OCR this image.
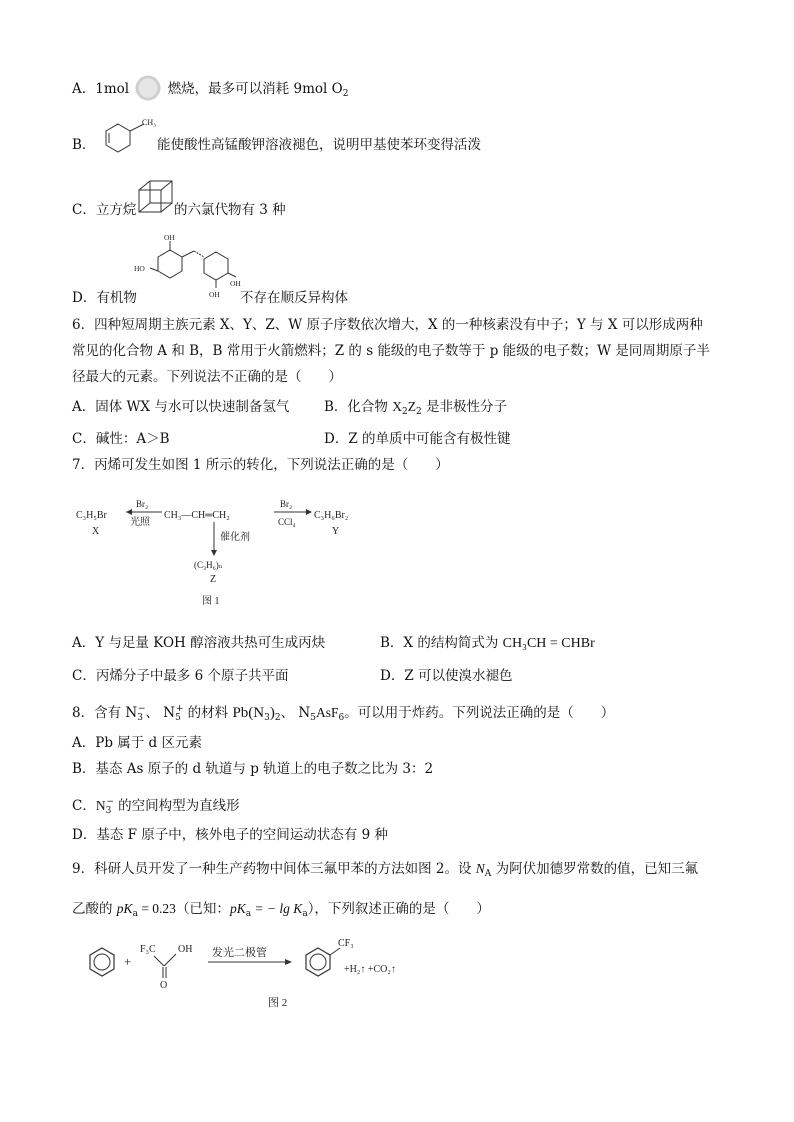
A．1mol	燃烧，最多可以消耗 9mol $O_2$
B．
CH₃
能使酸性高锰酸钾溶液褪色，说明甲基使苯环变得活泼
C．立方烷	的六氯代物有 3 种
OH
HO
OH
OH
D．有机物	不存在顺反异构体
6．四种短周期主族元素 X、Y、Z、W 原子序数依次增大，X 的一种核素没有中子；Y 与 X 可以形成两种
常见的化合物 A 和 B，B 常用于火箭燃料；Z 的 s 能级的电子数等于 p 能级的电子数；W 是同周期原子半
径最大的元素。下列说法不正确的是（　　）
A．固体 WX 与水可以快速制备氢气	B．化合物 $X_2Z_2$ 是非极性分子
C．碱性：A＞B	D．Z 的单质中可能含有极性键
7．丙烯可发生如图 1 所示的转化，下列说法正确的是（　　）
C₃H₅Br
X
Br₂
光照
CH₃—CH═CH₂
Br₂
CCl₄
C₃H₆Br₂
Y
催化剂
(C₃H₆)ₙ
Z
图 1
A．Y 与足量 KOH 醇溶液共热可生成丙炔	B．X 的结构简式为 CH₃CH = CHBr
C．丙烯分子中最多 6 个原子共平面	D．Z 可以使溴水褪色
8．含有 $N_3^-$、 $N_5^+$ 的材料 $Pb(N_3)_2$、 $N_5AsF_6$。可以用于炸药。下列说法正确的是（　　）
A．Pb 属于 d 区元素
B．基态 As 原子的 d 轨道与 p 轨道上的电子数之比为 3：2
C．$N_3^-$ 的空间构型为直线形
D．基态 F 原子中，核外电子的空间运动状态有 9 种
9．科研人员开发了一种生产药物中间体三氟甲苯的方法如图 2。设 $N_A$ 为阿伏加德罗常数的值，已知三氟
乙酸的 $pK_a = 0.23$（已知：$pK_a$ = − $\lg K_a$），下列叙述正确的是（　　）
+
F₃C OH
O
发光二极管
CF₃
+H₂↑ +CO₂↑
图 2
